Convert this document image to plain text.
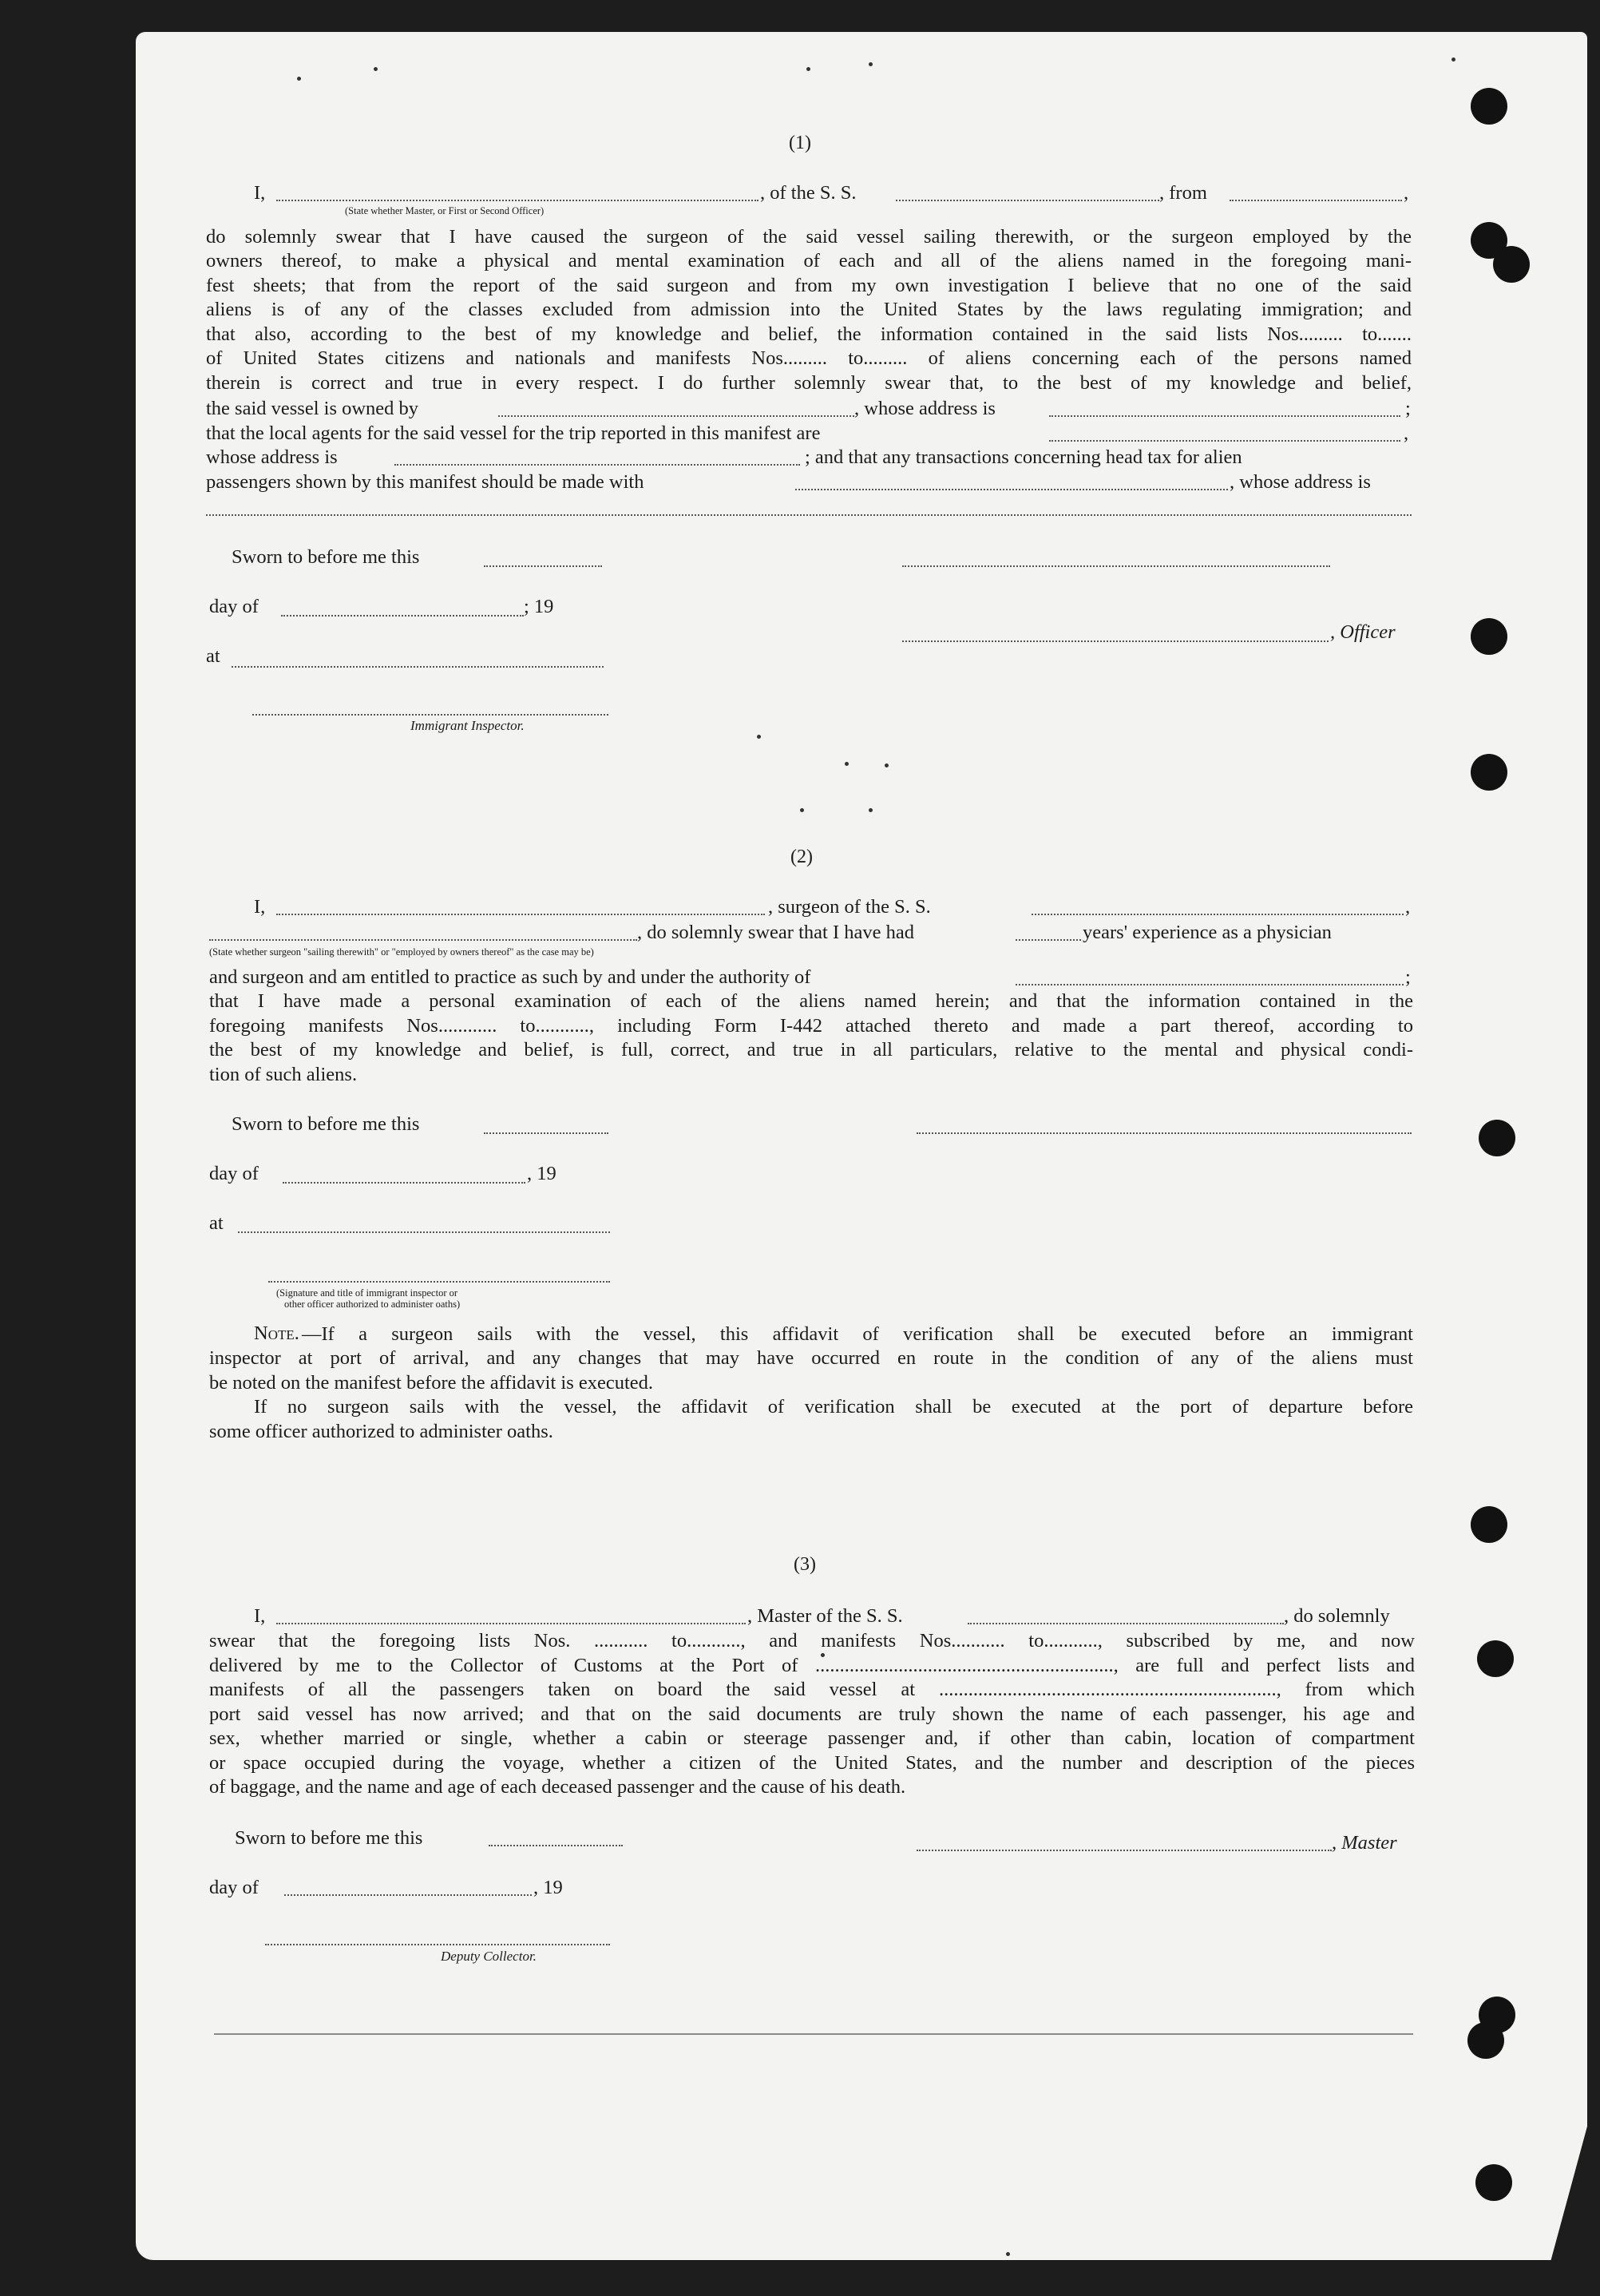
(1)
I,	, of the S. S.	, from	,
(State whether Master, or First or Second Officer)

do solemnly swear that I have caused the surgeon of the said vessel sailing therewith, or the surgeon employed by the

owners thereof, to make a physical and mental examination of each and all of the aliens named in the foregoing mani-

fest sheets; that from the report of the said surgeon and from my own investigation I believe that no one of the said

aliens is of any of the classes excluded from admission into the United States by the laws regulating immigration; and

that also, according to the best of my knowledge and belief, the information contained in the said lists Nos......... to.......

of United States citizens and nationals and manifests Nos......... to......... of aliens concerning each of the persons named

therein is correct and true in every respect. I do further solemnly swear that, to the best of my knowledge and belief,

the said vessel is owned by	, whose address is	;
that the local agents for the said vessel for the trip reported in this manifest are	,
whose address is	; and that any transactions concerning head tax for alien
passengers shown by this manifest should be made with	, whose address is
Sworn to before me this
day of	; 19
, Officer
at
Immigrant Inspector.
(2)
I,	, surgeon of the S. S.	,
, do solemnly swear that I have had	years' experience as a physician
(State whether surgeon "sailing therewith" or "employed by owners thereof" as the case may be)
and surgeon and am entitled to practice as such by and under the authority of	;

that I have made a personal examination of each of the aliens named herein; and that the information contained in the

foregoing manifests Nos............ to..........., including Form I-442 attached thereto and made a part thereof, according to

the best of my knowledge and belief, is full, correct, and true in all particulars, relative to the mental and physical condi-

tion of such aliens.

Sworn to before me this
day of	, 19
at
(Signature and title of immigrant inspector or
other officer authorized to administer oaths)
Note. —If a surgeon sails with the vessel, this affidavit of verification shall be executed before an immigrant

inspector at port of arrival, and any changes that may have occurred en route in the condition of any of the aliens must

be noted on the manifest before the affidavit is executed.

If no surgeon sails with the vessel, the affidavit of verification shall be executed at the port of departure before

some officer authorized to administer oaths.

(3)
I,	, Master of the S. S.	, do solemnly

swear that the foregoing lists Nos. ........... to..........., and manifests Nos........... to..........., subscribed by me, and now

delivered by me to the Collector of Customs at the Port of ............................................................., are full and perfect lists and

manifests of all the passengers taken on board the said vessel at ....................................................................., from which

port said vessel has now arrived; and that on the said documents are truly shown the name of each passenger, his age and

sex, whether married or single, whether a cabin or steerage passenger and, if other than cabin, location of compartment

or space occupied during the voyage, whether a citizen of the United States, and the number and description of the pieces

of baggage, and the name and age of each deceased passenger and the cause of his death.

Sworn to before me this	, Master
day of	, 19
Deputy Collector.
